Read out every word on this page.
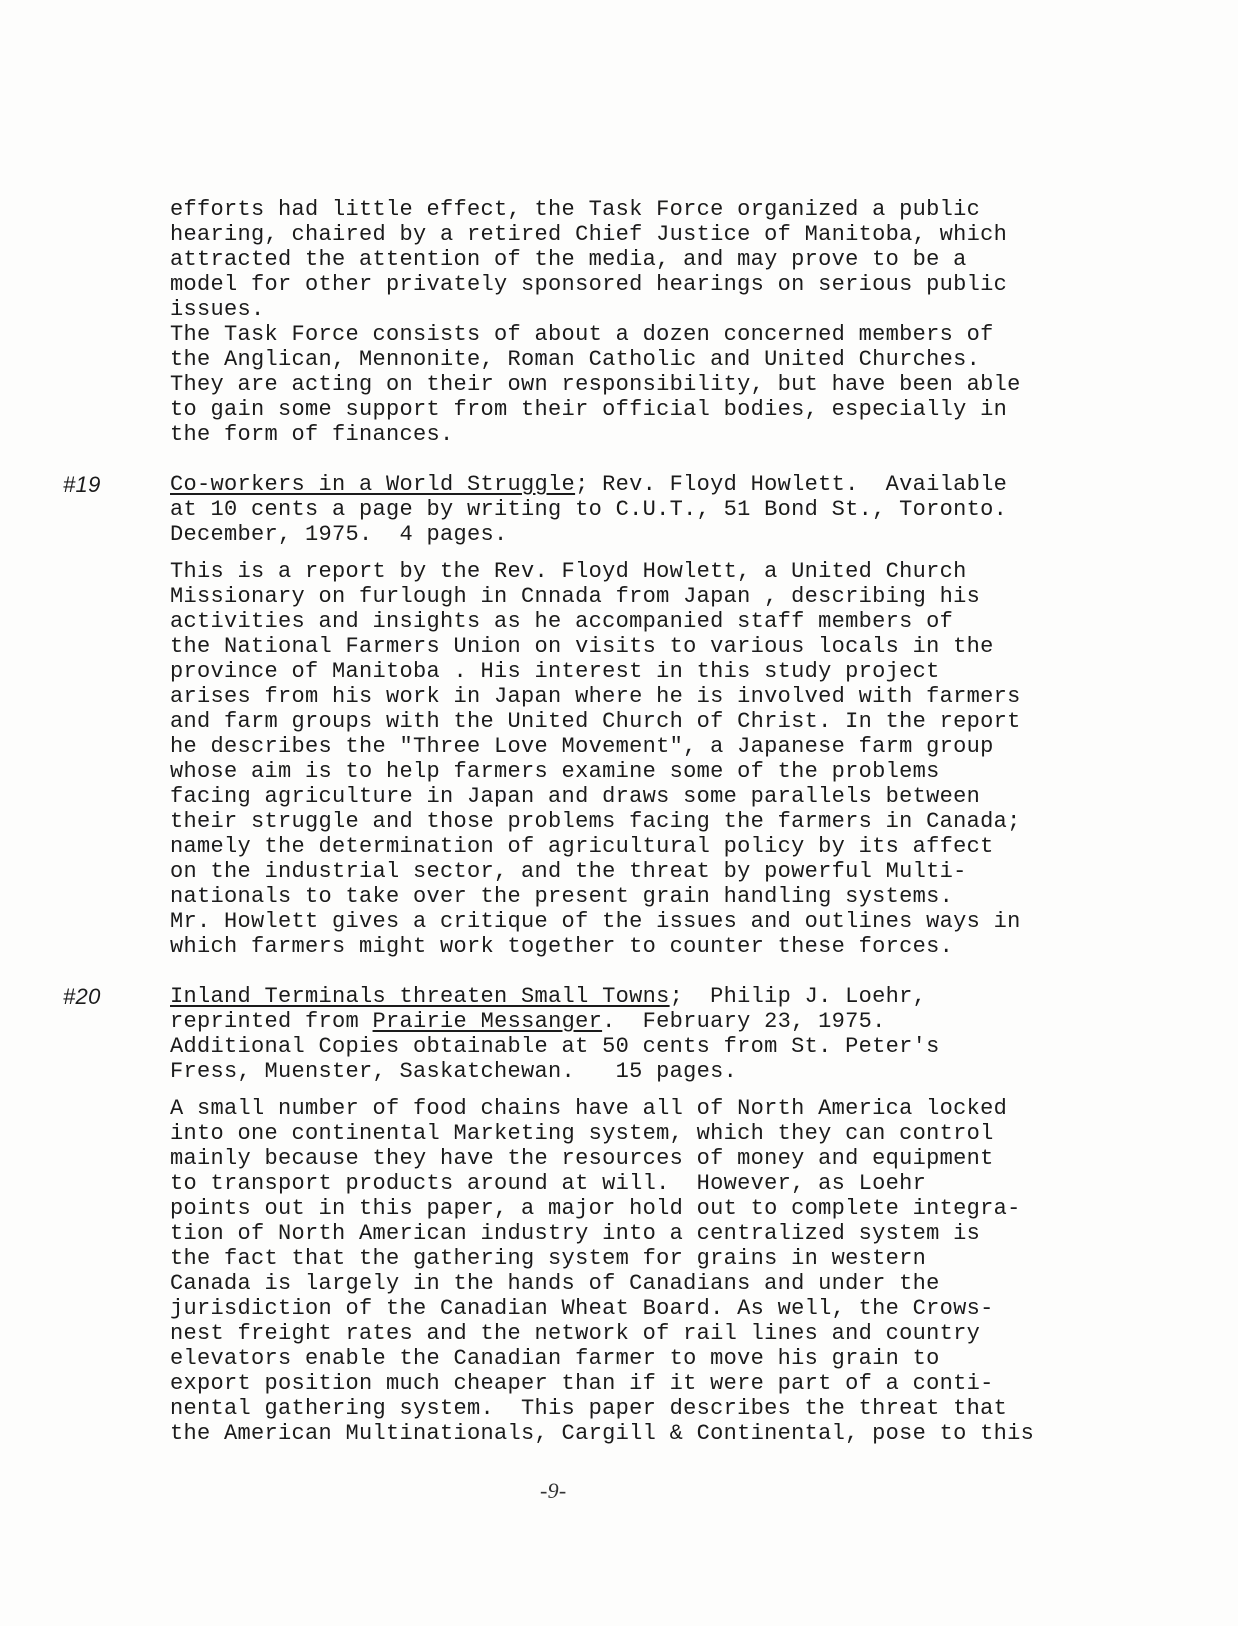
efforts had little effect, the Task Force organized a public
hearing, chaired by a retired Chief Justice of Manitoba, which
attracted the attention of the media, and may prove to be a
model for other privately sponsored hearings on serious public
issues.
The Task Force consists of about a dozen concerned members of
the Anglican, Mennonite, Roman Catholic and United Churches.
They are acting on their own responsibility, but have been able
to gain some support from their official bodies, especially in
the form of finances.
#19	Co-workers in a World Struggle; Rev. Floyd Howlett.  Available
at 10 cents a page by writing to C.U.T., 51 Bond St., Toronto.
December, 1975.  4 pages.
This is a report by the Rev. Floyd Howlett, a United Church
Missionary on furlough in Cnnada from Japan , describing his
activities and insights as he accompanied staff members of
the National Farmers Union on visits to various locals in the
province of Manitoba . His interest in this study project
arises from his work in Japan where he is involved with farmers
and farm groups with the United Church of Christ. In the report
he describes the "Three Love Movement", a Japanese farm group
whose aim is to help farmers examine some of the problems
facing agriculture in Japan and draws some parallels between
their struggle and those problems facing the farmers in Canada;
namely the determination of agricultural policy by its affect
on the industrial sector, and the threat by powerful Multi-
nationals to take over the present grain handling systems.
Mr. Howlett gives a critique of the issues and outlines ways in
which farmers might work together to counter these forces.
#20	Inland Terminals threaten Small Towns;  Philip J. Loehr,
reprinted from Prairie Messanger.  February 23, 1975.
Additional Copies obtainable at 50 cents from St. Peter's
Fress, Muenster, Saskatchewan.   15 pages.
A small number of food chains have all of North America locked
into one continental Marketing system, which they can control
mainly because they have the resources of money and equipment
to transport products around at will.  However, as Loehr
points out in this paper, a major hold out to complete integra-
tion of North American industry into a centralized system is
the fact that the gathering system for grains in western
Canada is largely in the hands of Canadians and under the
jurisdiction of the Canadian Wheat Board. As well, the Crows-
nest freight rates and the network of rail lines and country
elevators enable the Canadian farmer to move his grain to
export position much cheaper than if it were part of a conti-
nental gathering system.  This paper describes the threat that
the American Multinationals, Cargill & Continental, pose to this
-9-
